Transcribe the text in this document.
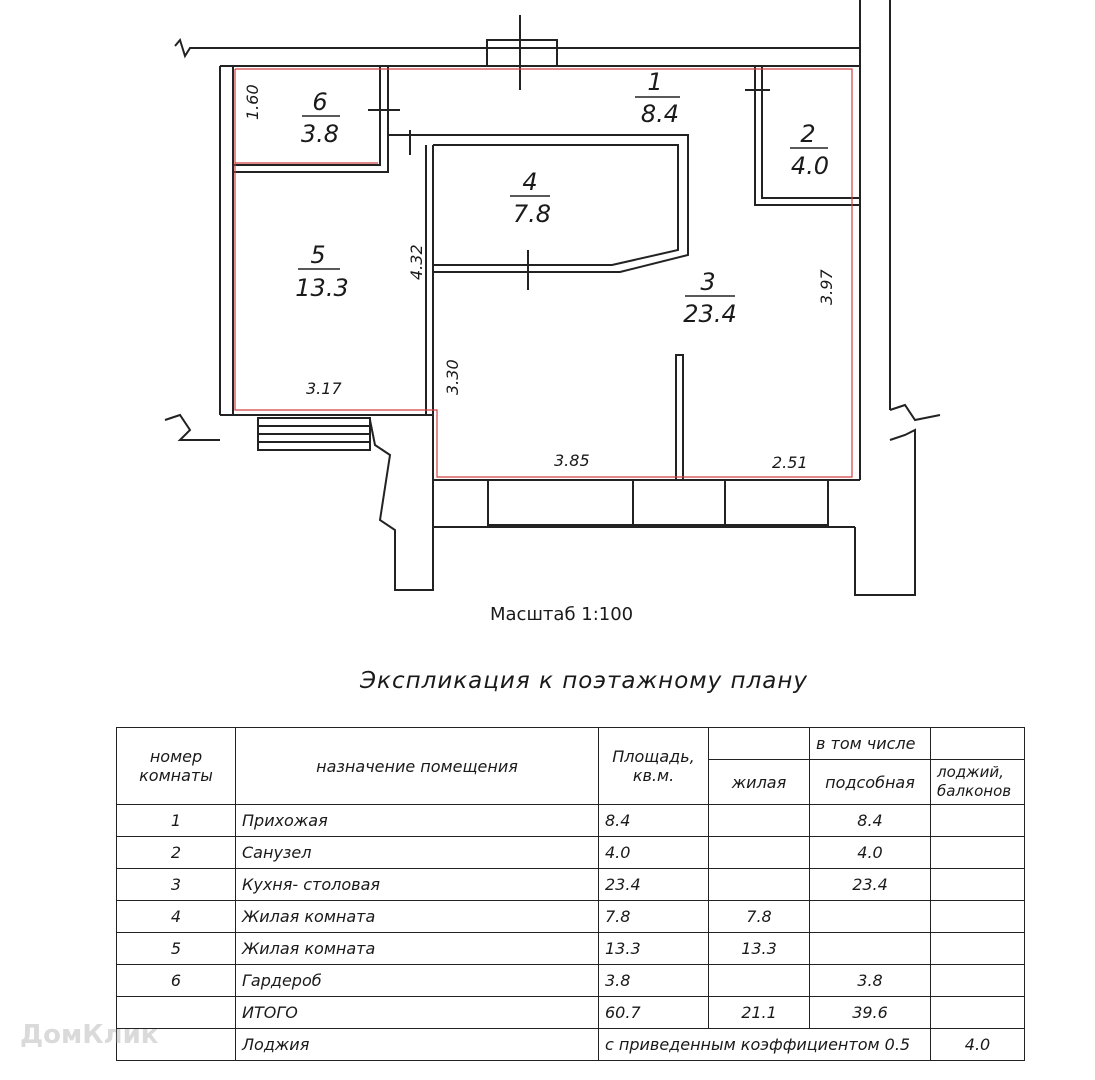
1
8.4
2
4.0
3
23.4
4
7.8
5
13.3
6
3.8
1.60
4.32
3.97
3.30
3.17
3.85	2.51
Масштаб 1:100
Экспликация к поэтажному плану
номер комнаты	назначение помещения	Площадь, кв.м.		в том числе	
			жилая	подсобная	лоджий, балконов
1	Прихожая	8.4		8.4	
2	Санузел	4.0		4.0	
3	Кухня- столовая	23.4		23.4	
4	Жилая комната	7.8	7.8		
5	Жилая комната	13.3	13.3		
6	Гардероб	3.8		3.8	
	ИТОГО	60.7	21.1	39.6	
	Лоджия	с приведенным коэффициентом 0.5			4.0
ДомКлик
